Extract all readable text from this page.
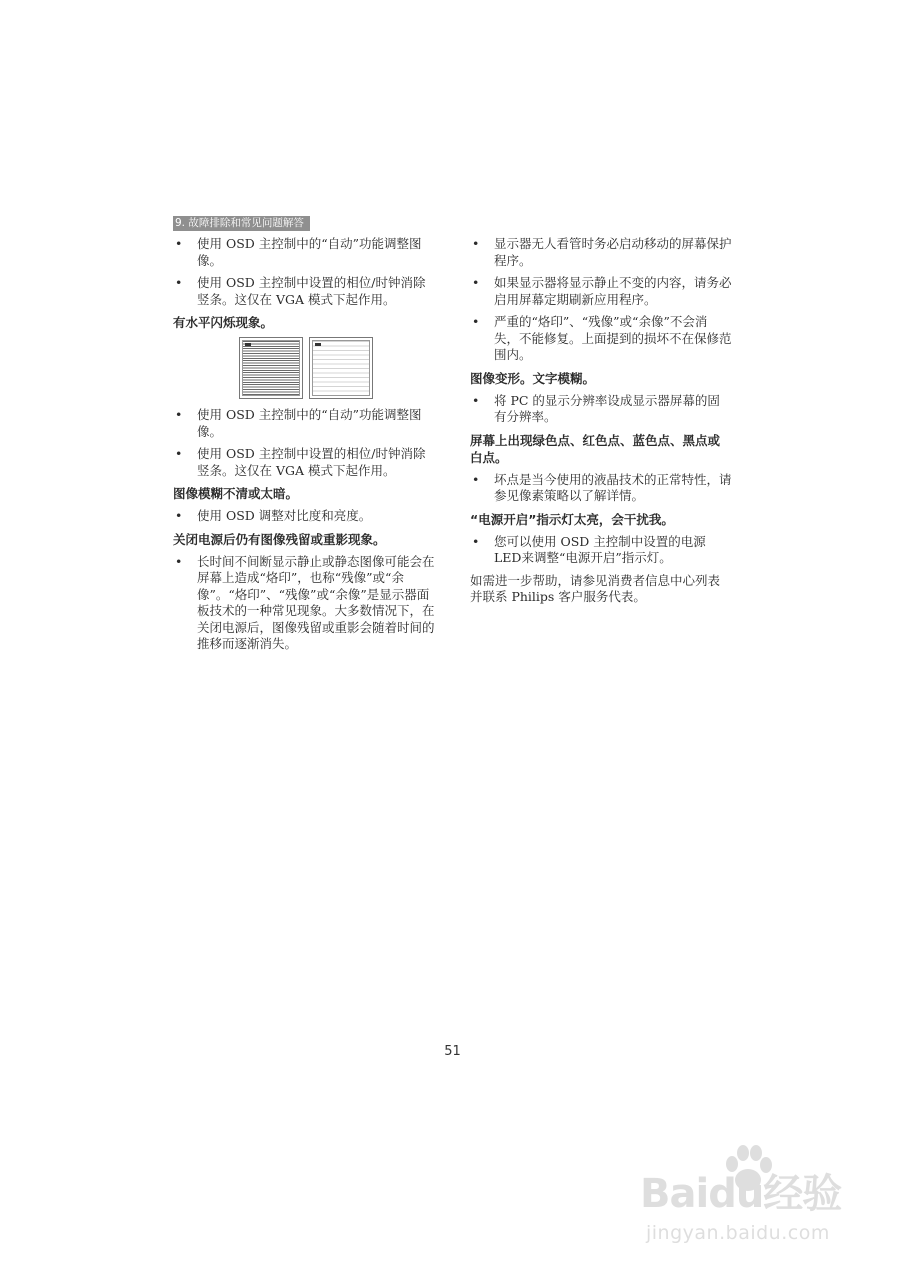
9. 故障排除和常见问题解答
• 使用 OSD 主控制中的“自动”功能调整图像。
• 使用 OSD 主控制中设置的相位/时钟消除竖条。这仅在 VGA 模式下起作用。
有水平闪烁现象。
• 使用 OSD 主控制中的“自动”功能调整图像。
• 使用 OSD 主控制中设置的相位/时钟消除竖条。这仅在 VGA 模式下起作用。
图像模糊不清或太暗。
• 使用 OSD 调整对比度和亮度。
关闭电源后仍有图像残留或重影现象。
• 长时间不间断显示静止或静态图像可能会在屏幕上造成“烙印”，也称“残像”或“余像”。“烙印”、“残像”或“余像”是显示器面板技术的一种常见现象。大多数情况下，在关闭电源后，图像残留或重影会随着时间的推移而逐渐消失。
• 显示器无人看管时务必启动移动的屏幕保护程序。
• 如果显示器将显示静止不变的内容，请务必启用屏幕定期刷新应用程序。
• 严重的“烙印”、“残像”或“余像”不会消失，不能修复。上面提到的损坏不在保修范围内。
图像变形。文字模糊。
• 将 PC 的显示分辨率设成显示器屏幕的固有分辨率。
屏幕上出现绿色点、红色点、蓝色点、黑点或白点。
• 坏点是当今使用的液晶技术的正常特性，请参见像素策略以了解详情。
“电源开启”指示灯太亮，会干扰我。
• 您可以使用 OSD 主控制中设置的电源 LED来调整“电源开启”指示灯。
如需进一步帮助，请参见消费者信息中心列表并联系 Philips 客户服务代表。
51
Baidu经验
jingyan.baidu.com
